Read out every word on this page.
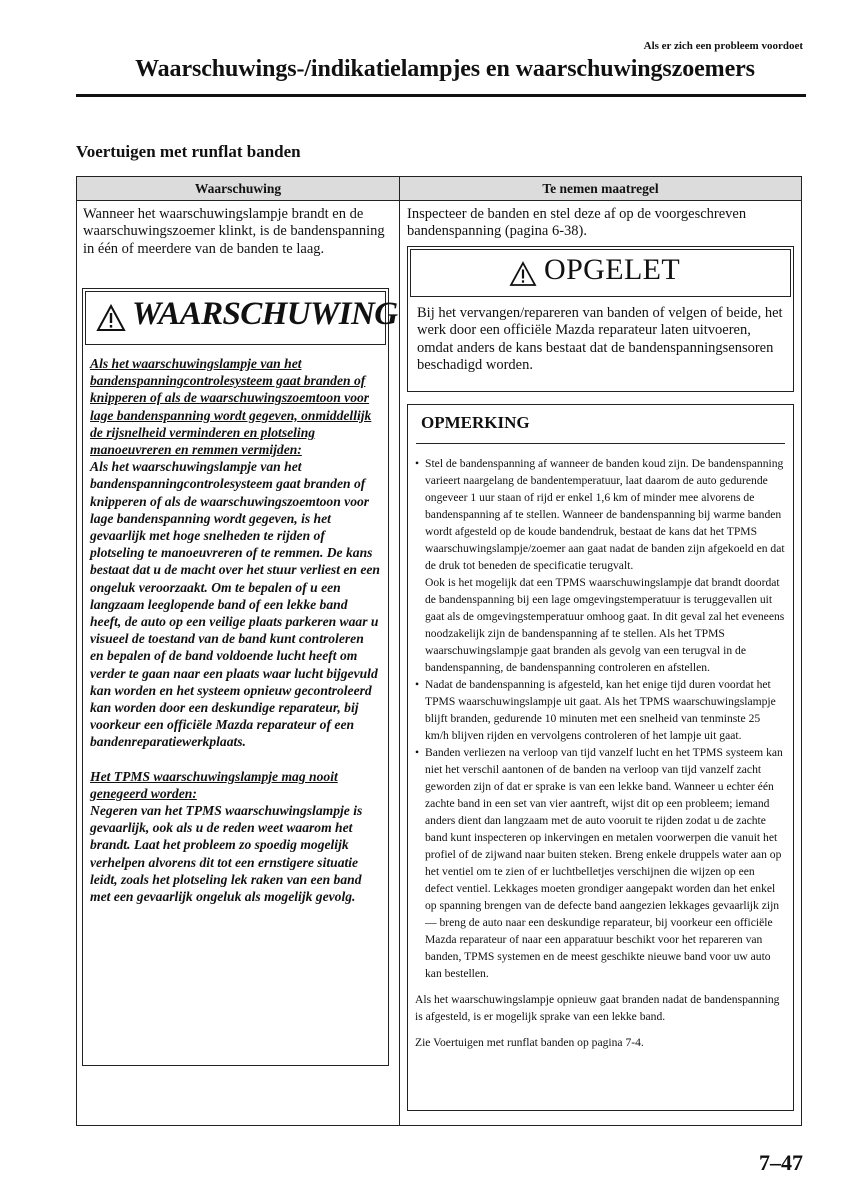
Als er zich een probleem voordoet
Waarschuwings-/indikatielampjes en waarschuwingszoemers
Voertuigen met runflat banden
Waarschuwing	Te nemen maatregel
Wanneer het waarschuwingslampje brandt en de waarschuwingszoemer klinkt, is de bandenspanning in één of meerdere van de banden te laag.
Inspecteer de banden en stel deze af op de voorgeschreven bandenspanning (pagina 6-38).
WAARSCHUWING

Als het waarschuwingslampje van het bandenspanningcontrolesysteem gaat branden of knipperen of als de waarschuwingszoemtoon voor lage bandenspanning wordt gegeven, onmiddellijk de rijsnelheid verminderen en plotseling manoeuvreren en remmen vermijden:

Als het waarschuwingslampje van het bandenspanningcontrolesysteem gaat branden of knipperen of als de waarschuwingszoemtoon voor lage bandenspanning wordt gegeven, is het gevaarlijk met hoge snelheden te rijden of plotseling te manoeuvreren of te remmen. De kans bestaat dat u de macht over het stuur verliest en een ongeluk veroorzaakt. Om te bepalen of u een langzaam leeglopende band of een lekke band heeft, de auto op een veilige plaats parkeren waar u visueel de toestand van de band kunt controleren en bepalen of de band voldoende lucht heeft om verder te gaan naar een plaats waar lucht bijgevuld kan worden en het systeem opnieuw gecontroleerd kan worden door een deskundige reparateur, bij voorkeur een officiële Mazda reparateur of een bandenreparatiewerkplaats.

Het TPMS waarschuwingslampje mag nooit genegeerd worden:

Negeren van het TPMS waarschuwingslampje is gevaarlijk, ook als u de reden weet waarom het brandt. Laat het probleem zo spoedig mogelijk verhelpen alvorens dit tot een ernstigere situatie leidt, zoals het plotseling lek raken van een band met een gevaarlijk ongeluk als mogelijk gevolg.

OPGELET
Bij het vervangen/repareren van banden of velgen of beide, het werk door een officiële Mazda reparateur laten uitvoeren, omdat anders de kans bestaat dat de bandenspanningsensoren beschadigd worden.
OPMERKING
• Stel de bandenspanning af wanneer de banden koud zijn. De bandenspanning varieert naargelang de bandentemperatuur, laat daarom de auto gedurende ongeveer 1 uur staan of rijd er enkel 1,6 km of minder mee alvorens de bandenspanning af te stellen. Wanneer de bandenspanning bij warme banden wordt afgesteld op de koude bandendruk, bestaat de kans dat het TPMS waarschuwingslampje/zoemer aan gaat nadat de banden zijn afgekoeld en dat de druk tot beneden de specificatie terugvalt.
Ook is het mogelijk dat een TPMS waarschuwingslampje dat brandt doordat de bandenspanning bij een lage omgevingstemperatuur is teruggevallen uit gaat als de omgevingstemperatuur omhoog gaat. In dit geval zal het eveneens noodzakelijk zijn de bandenspanning af te stellen. Als het TPMS waarschuwingslampje gaat branden als gevolg van een terugval in de bandenspanning, de bandenspanning controleren en afstellen.
• Nadat de bandenspanning is afgesteld, kan het enige tijd duren voordat het TPMS waarschuwingslampje uit gaat. Als het TPMS waarschuwingslampje blijft branden, gedurende 10 minuten met een snelheid van tenminste 25 km/h blijven rijden en vervolgens controleren of het lampje uit gaat.
• Banden verliezen na verloop van tijd vanzelf lucht en het TPMS systeem kan niet het verschil aantonen of de banden na verloop van tijd vanzelf zacht geworden zijn of dat er sprake is van een lekke band. Wanneer u echter één zachte band in een set van vier aantreft, wijst dit op een probleem; iemand anders dient dan langzaam met de auto vooruit te rijden zodat u de zachte band kunt inspecteren op inkervingen en metalen voorwerpen die vanuit het profiel of de zijwand naar buiten steken. Breng enkele druppels water aan op het ventiel om te zien of er luchtbelletjes verschijnen die wijzen op een defect ventiel. Lekkages moeten grondiger aangepakt worden dan het enkel op spanning brengen van de defecte band aangezien lekkages gevaarlijk zijn — breng de auto naar een deskundige reparateur, bij voorkeur een officiële Mazda reparateur of naar een apparatuur beschikt voor het repareren van banden, TPMS systemen en de meest geschikte nieuwe band voor uw auto kan bestellen.

Als het waarschuwingslampje opnieuw gaat branden nadat de bandenspanning is afgesteld, is er mogelijk sprake van een lekke band.

Zie Voertuigen met runflat banden op pagina 7-4.

7–47
